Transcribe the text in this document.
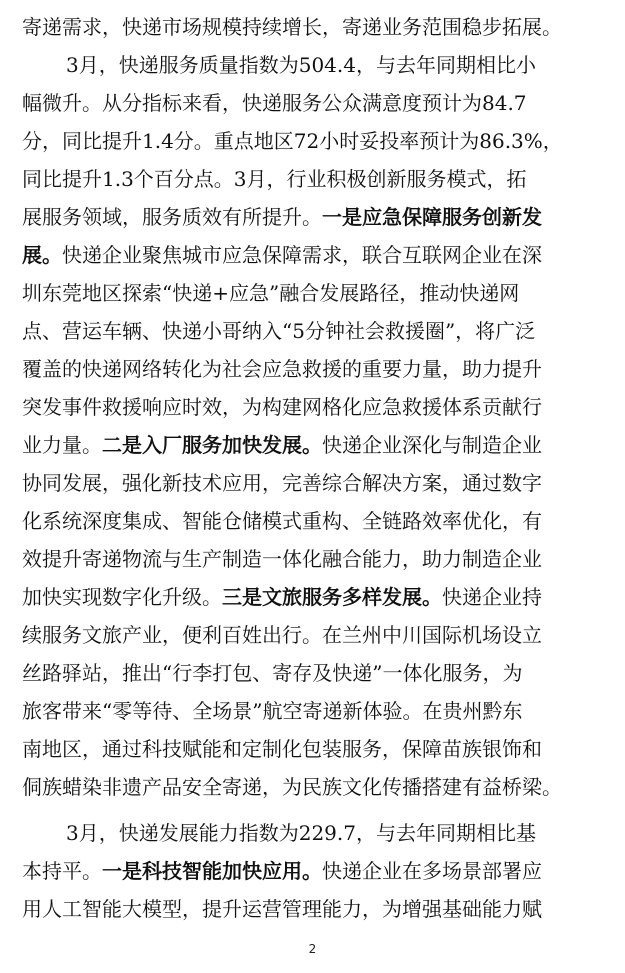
寄递需求，快递市场规模持续增长，寄递业务范围稳步拓展。
3月，快递服务质量指数为504.4，与去年同期相比小
幅微升。从分指标来看，快递服务公众满意度预计为84.7
分，同比提升1.4分。重点地区72小时妥投率预计为86.3%，
同比提升1.3个百分点。3月，行业积极创新服务模式，拓
展服务领域，服务质效有所提升。一是应急保障服务创新发
展。快递企业聚焦城市应急保障需求，联合互联网企业在深
圳东莞地区探索“快递+应急”融合发展路径，推动快递网
点、营运车辆、快递小哥纳入“5分钟社会救援圈”，将广泛
覆盖的快递网络转化为社会应急救援的重要力量，助力提升
突发事件救援响应时效，为构建网格化应急救援体系贡献行
业力量。二是入厂服务加快发展。快递企业深化与制造企业
协同发展，强化新技术应用，完善综合解决方案，通过数字
化系统深度集成、智能仓储模式重构、全链路效率优化，有
效提升寄递物流与生产制造一体化融合能力，助力制造企业
加快实现数字化升级。三是文旅服务多样发展。快递企业持
续服务文旅产业，便利百姓出行。在兰州中川国际机场设立
丝路驿站，推出“行李打包、寄存及快递”一体化服务，为
旅客带来“零等待、全场景”航空寄递新体验。在贵州黔东
南地区，通过科技赋能和定制化包装服务，保障苗族银饰和
侗族蜡染非遗产品安全寄递，为民族文化传播搭建有益桥梁。
3月，快递发展能力指数为229.7，与去年同期相比基
本持平。一是科技智能加快应用。快递企业在多场景部署应
用人工智能大模型，提升运营管理能力，为增强基础能力赋
2
